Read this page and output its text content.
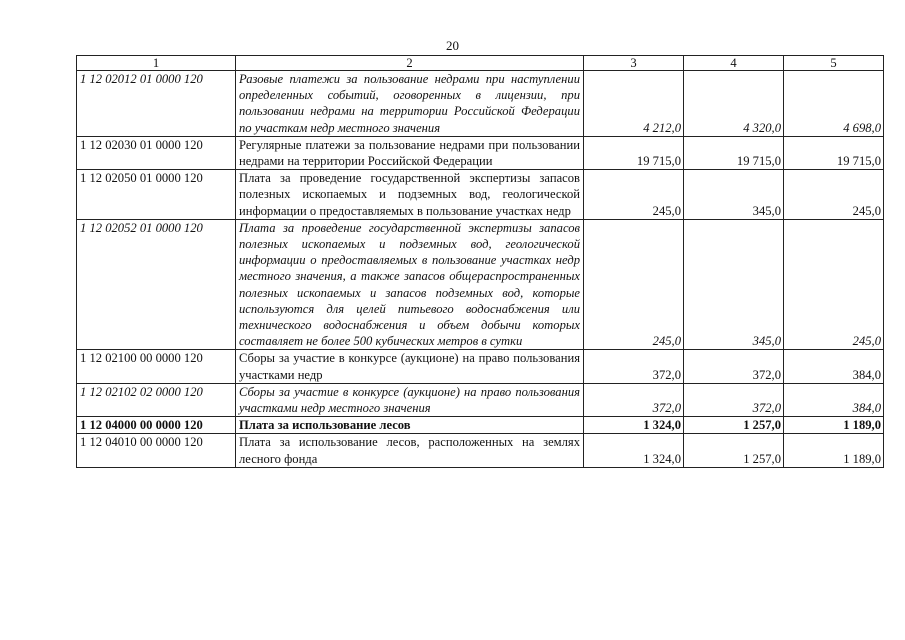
20
1	2	3	4	5
1 12 02012 01 0000 120	Разовые платежи за пользование недрами при наступлении определенных событий, оговоренных в лицензии, при пользовании недрами на территории Российской Федерации по участкам недр местного значения	4 212,0	4 320,0	4 698,0
1 12 02030 01 0000 120	Регулярные платежи за пользование недрами при пользовании недрами на территории Российской Федерации	19 715,0	19 715,0	19 715,0
1 12 02050 01 0000 120	Плата за проведение государственной экспертизы запасов полезных ископаемых и подземных вод, геологической информации о предоставляемых в пользование участках недр	245,0	345,0	245,0
1 12 02052 01 0000 120	Плата за проведение государственной экспертизы запасов полезных ископаемых и подземных вод, геологической информации о предоставляемых в пользование участках недр местного значения, а также запасов общераспространенных полезных ископаемых и запасов подземных вод, которые используются для целей питьевого водоснабжения или технического водоснабжения и объем добычи которых составляет не более 500 кубических метров в сутки	245,0	345,0	245,0
1 12 02100 00 0000 120	Сборы за участие в конкурсе (аукционе) на право пользования участками недр	372,0	372,0	384,0
1 12 02102 02 0000 120	Сборы за участие в конкурсе (аукционе) на право пользования участками недр местного значения	372,0	372,0	384,0
1 12 04000 00 0000 120	Плата за использование лесов	1 324,0	1 257,0	1 189,0
1 12 04010 00 0000 120	Плата за использование лесов, расположенных на землях лесного фонда	1 324,0	1 257,0	1 189,0
